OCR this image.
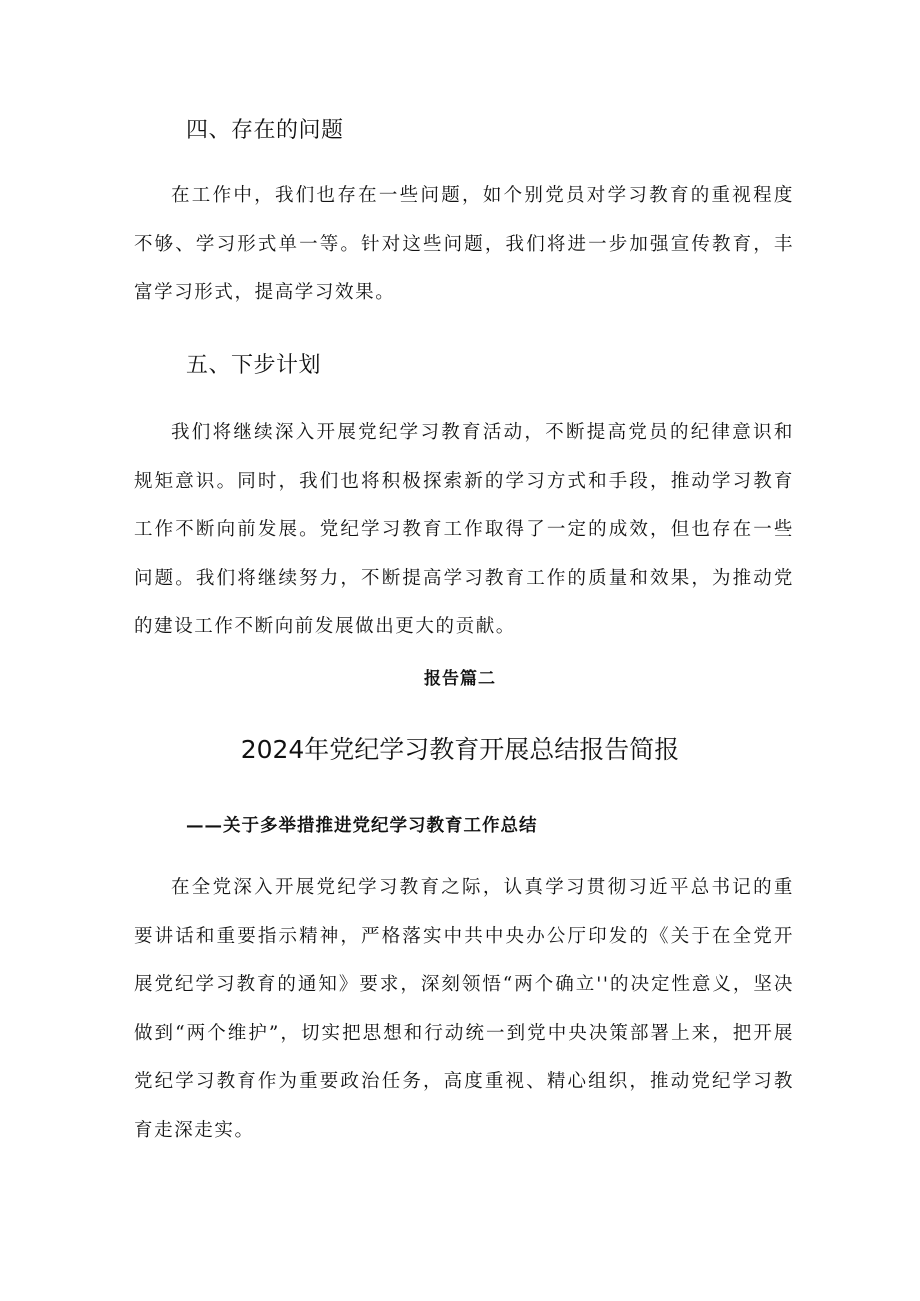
四、存在的问题

在工作中，我们也存在一些问题，如个别党员对学习教育的重视程度不够、学习形式单一等。针对这些问题，我们将进一步加强宣传教育，丰富学习形式，提高学习效果。

五、下步计划

我们将继续深入开展党纪学习教育活动，不断提高党员的纪律意识和规矩意识。同时，我们也将积极探索新的学习方式和手段，推动学习教育工作不断向前发展。党纪学习教育工作取得了一定的成效，但也存在一些问题。我们将继续努力，不断提高学习教育工作的质量和效果，为推动党的建设工作不断向前发展做出更大的贡献。

报告篇二

2024年党纪学习教育开展总结报告简报

——关于多举措推进党纪学习教育工作总结

在全党深入开展党纪学习教育之际，认真学习贯彻习近平总书记的重要讲话和重要指示精神，严格落实中共中央办公厅印发的《关于在全党开展党纪学习教育的通知》要求，深刻领悟“两个确立''的决定性意义，坚决做到“两个维护”，切实把思想和行动统一到党中央决策部署上来，把开展党纪学习教育作为重要政治任务，高度重视、精心组织，推动党纪学习教育走深走实。
